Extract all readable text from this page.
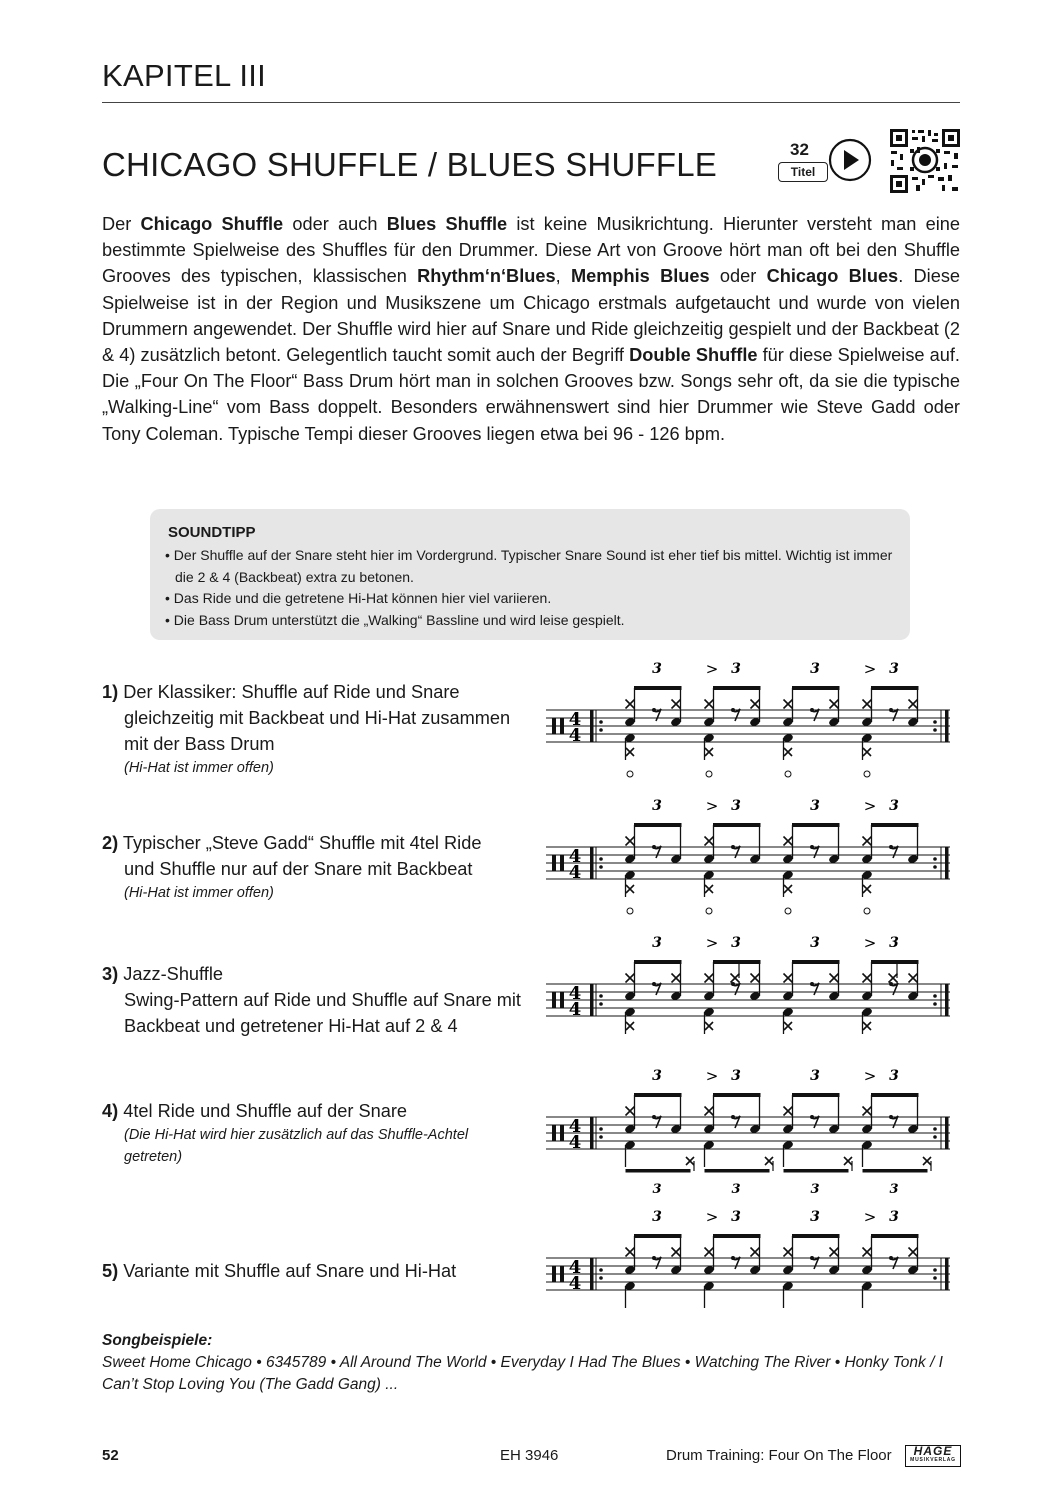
KAPITEL III
CHICAGO SHUFFLE / BLUES SHUFFLE	32
Titel
Der Chicago Shuffle oder auch Blues Shuffle ist keine Musikrichtung. Hierunter versteht man eine bestimmte Spielweise des Shuffles für den Drummer. Diese Art von Groove hört man oft bei den Shuffle Grooves des typischen, klassischen Rhythm‘n‘Blues, Memphis Blues oder Chicago Blues. Diese Spielweise ist in der Region und Musikszene um Chicago erstmals aufgetaucht und wurde von vielen Drummern angewendet. Der Shuffle wird hier auf Snare und Ride gleichzeitig gespielt und der Backbeat (2 & 4) zusätzlich betont. Gelegentlich taucht somit auch der Begriff Double Shuffle für diese Spielweise auf. Die „Four On The Floor“ Bass Drum hört man in solchen Grooves bzw. Songs sehr oft, da sie die typische „Walking-Line“ vom Bass doppelt. Besonders erwähnenswert sind hier Drummer wie Steve Gadd oder Tony Coleman. Typische Tempi dieser Grooves liegen etwa bei 96 - 126 bpm.
SOUNDTIPP
• Der Shuffle auf der Snare steht hier im Vordergrund. Typischer Snare Sound ist eher tief bis mittel. Wichtig ist immer die 2 & 4 (Backbeat) extra zu betonen.
• Das Ride und die getretene Hi-Hat können hier viel variieren.
• Die Bass Drum unterstützt die „Walking“ Bassline und wird leise gespielt.
1) Der Klassiker: Shuffle auf Ride und Snare
gleichzeitig mit Backbeat und Hi-Hat zusammen mit der Bass Drum
(Hi-Hat ist immer offen)
2) Typischer „Steve Gadd“ Shuffle mit 4tel Ride
und Shuffle nur auf der Snare mit Backbeat
(Hi-Hat ist immer offen)
3) Jazz-Shuffle
Swing-Pattern auf Ride und Shuffle auf Snare mit Backbeat und getretener Hi-Hat auf 2 & 4
4) 4tel Ride und Shuffle auf der Snare
(Die Hi-Hat wird hier zusätzlich auf das Shuffle-Achtel getreten)
5) Variante mit Shuffle auf Snare und Hi-Hat
4
4
3	3
>	3	3
>
4
4
3	3
>	3	3
>
4
4
3	3
>	3	3
>
4
4
3
3
3
>
3
3
3
3
>
3
4
4
3	3
>	3	3
>
Songbeispiele:
Sweet Home Chicago • 6345789 • All Around The World • Everyday I Had The Blues • Watching The River • Honky Tonk / I Can’t Stop Loving You (The Gadd Gang) ...
52	EH 3946	Drum Training: Four On The Floor	HAGE
MUSIKVERLAG
